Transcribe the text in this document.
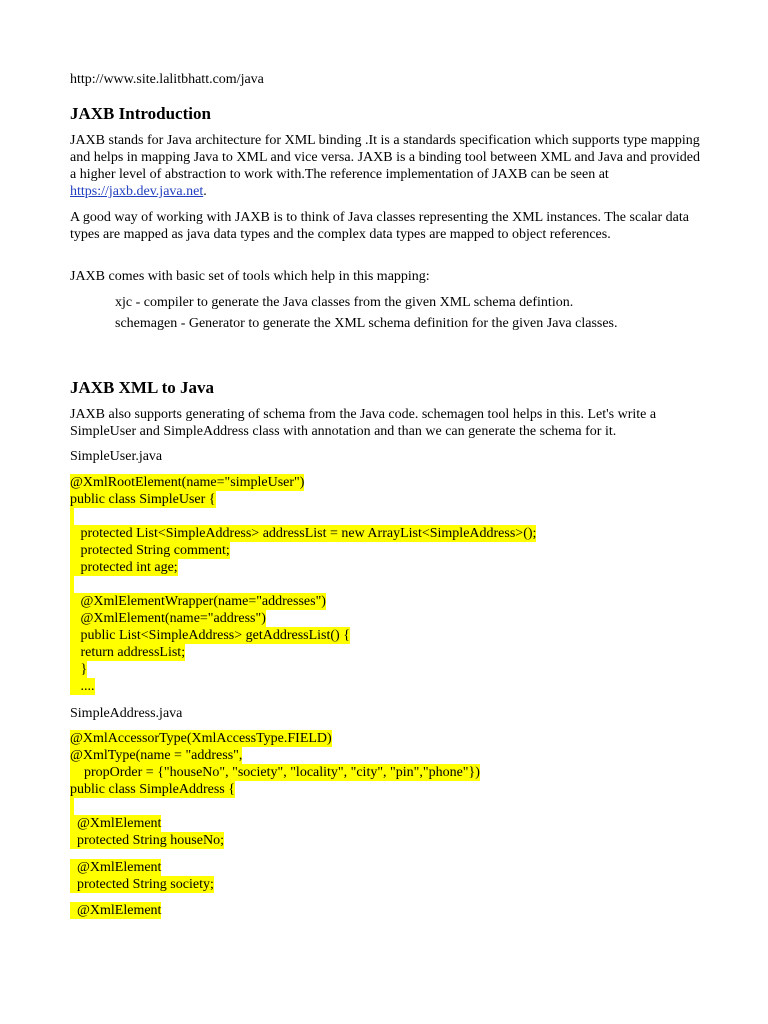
http://www.site.lalitbhatt.com/java
JAXB Introduction

JAXB stands for Java architecture for XML binding .It is a standards specification which supports type mapping and helps in mapping Java to XML and vice versa. JAXB is a binding tool between XML and Java and provided a higher level of abstraction to work with.The reference implementation of JAXB can be seen at https://jaxb.dev.java.net.

A good way of working with JAXB is to think of Java classes representing the XML instances. The scalar data types are mapped as java data types and the complex data types are mapped to object references.

JAXB comes with basic set of tools which help in this mapping:

xjc - compiler to generate the Java classes from the given XML schema defintion.
schemagen - Generator to generate the XML schema definition for the given Java classes.
JAXB XML to Java

JAXB also supports generating of schema from the Java code. schemagen tool helps in this. Let's write a SimpleUser and SimpleAddress class with annotation and than we can generate the schema for it.

SimpleUser.java
@XmlRootElement(name="simpleUser")
public class SimpleUser {

protected List<SimpleAddress> addressList = new ArrayList<SimpleAddress>();
protected String comment;
protected int age;

@XmlElementWrapper(name="addresses")
@XmlElement(name="address")
public List<SimpleAddress> getAddressList() {
return addressList;
}
....
SimpleAddress.java
@XmlAccessorType(XmlAccessType.FIELD)
@XmlType(name = "address",
propOrder = {"houseNo", "society", "locality", "city", "pin","phone"})
public class SimpleAddress {

@XmlElement
protected String houseNo;
@XmlElement
protected String society;
@XmlElement
